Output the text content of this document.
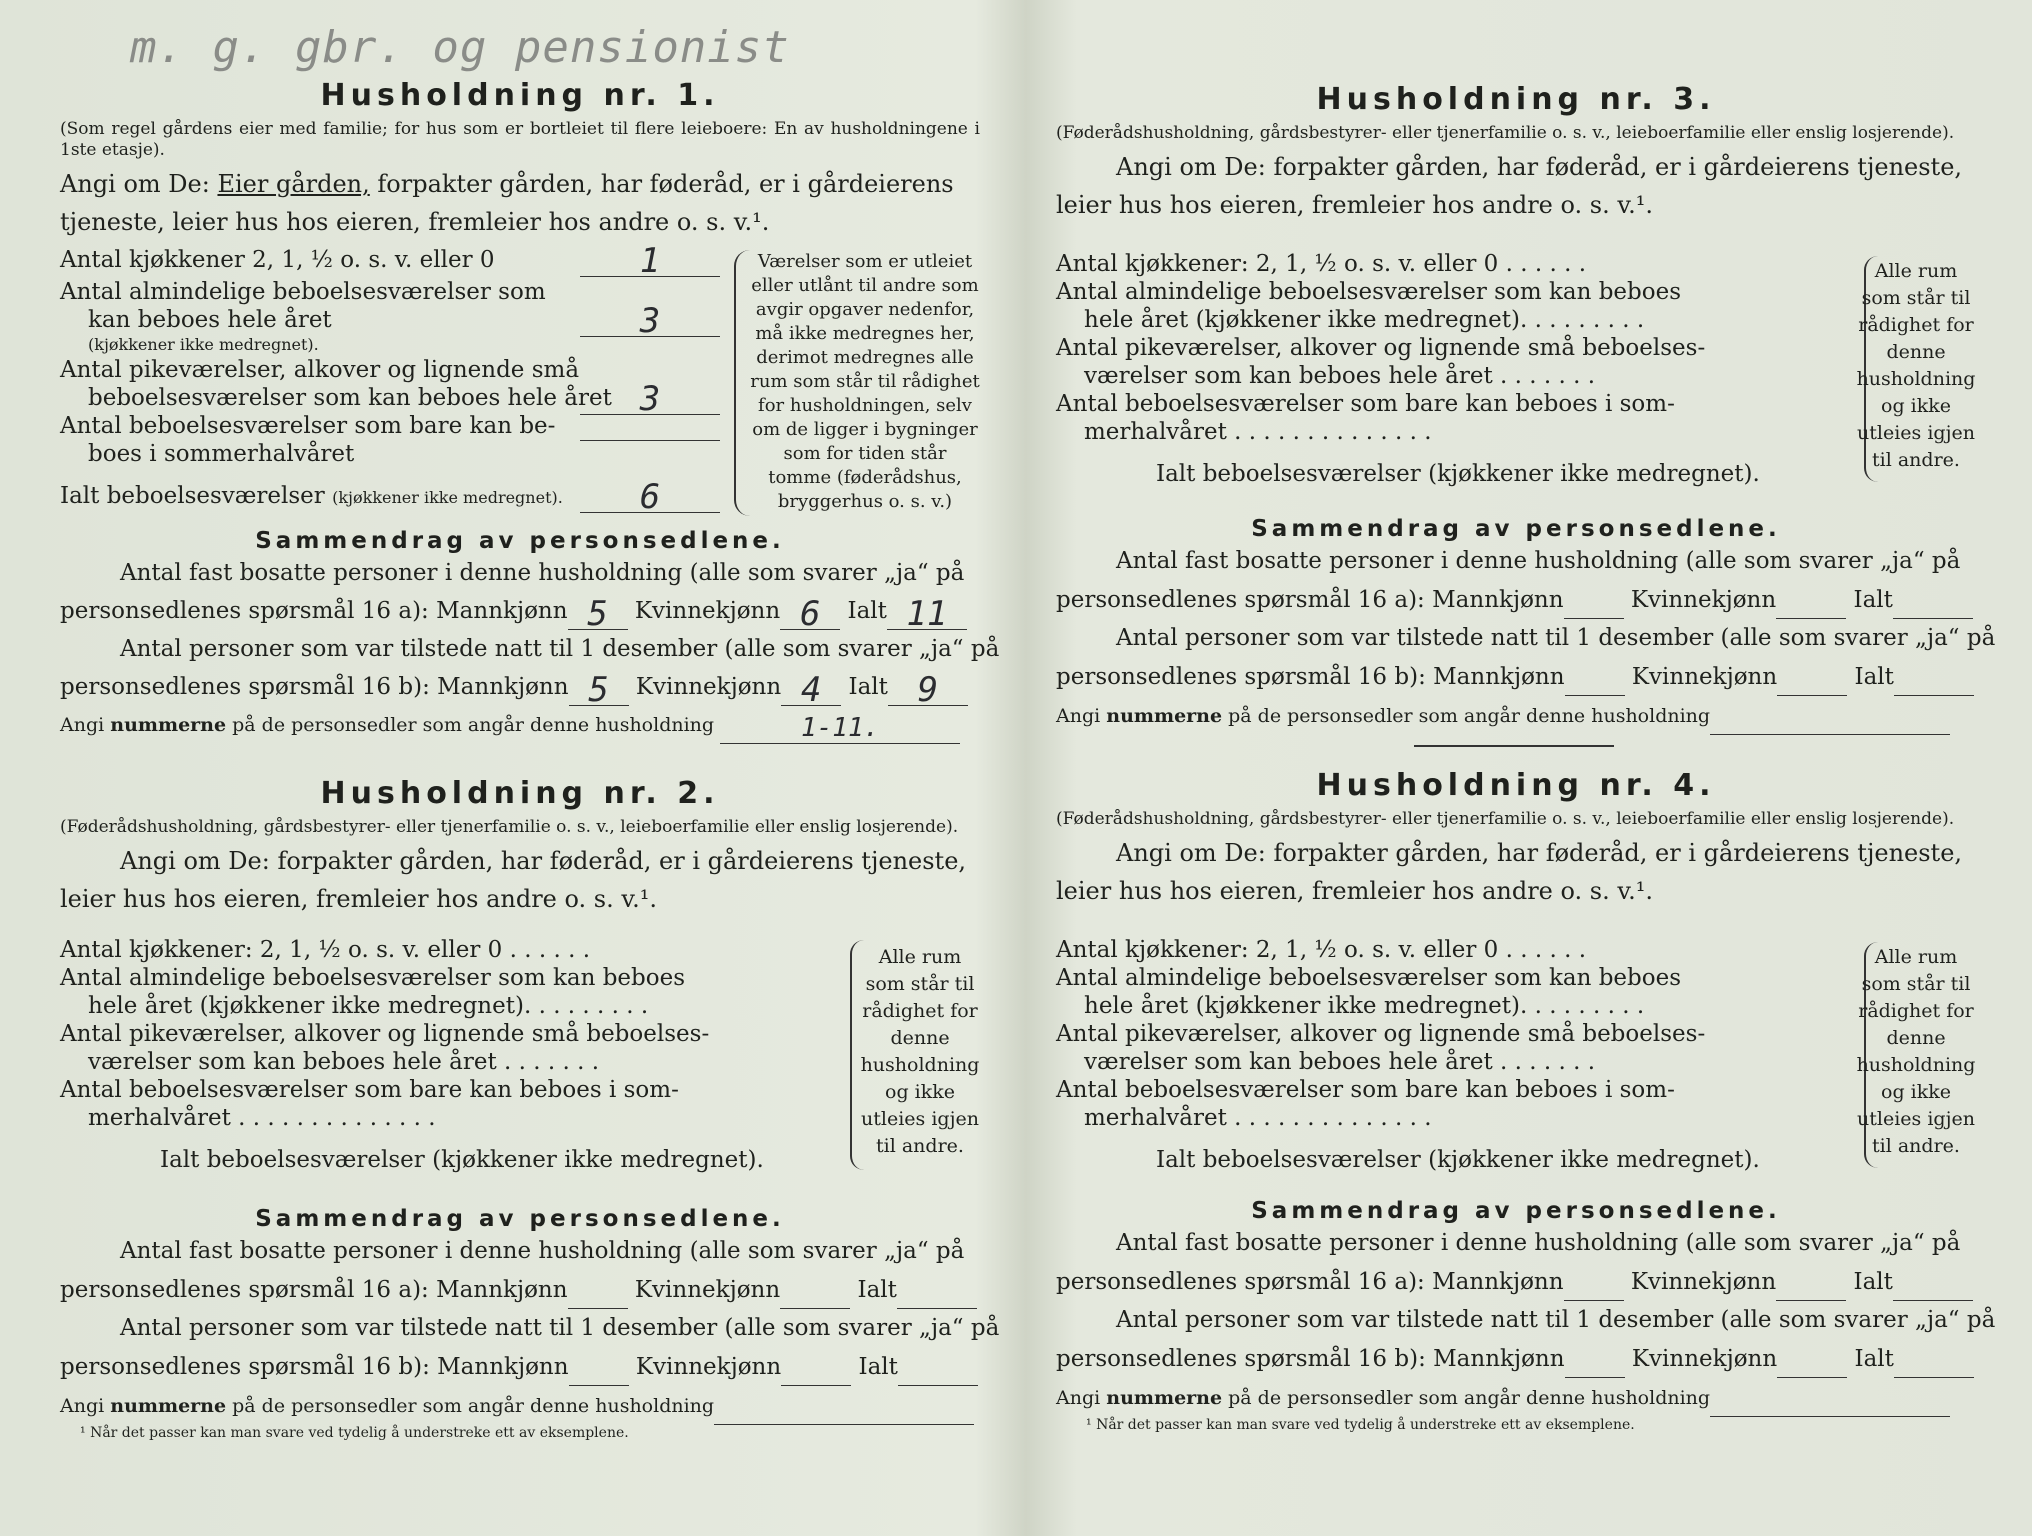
m. g. gbr. og pensionist
Husholdning nr. 1.
(Som regel gårdens eier med familie; for hus som er bortleiet til flere leieboere: En av husholdningene i 1ste etasje).
Angi om De: Eier gården, forpakter gården, har føderåd, er i gårdeierens tjeneste, leier hus hos eieren, fremleier hos andre o. s. v.¹.
Antal kjøkkener 2, 1, ½ o. s. v. eller 0	1
Antal almindelige beboelsesværelser som
kan beboes hele året	3
(kjøkkener ikke medregnet).
Antal pikeværelser, alkover og lignende små
beboelsesværelser som kan beboes hele året 3
Antal beboelsesværelser som bare kan be-
boes i sommerhalvåret
Ialt beboelsesværelser (kjøkkener ikke medregnet).	6
Værelser som er utleiet eller utlånt til andre som avgir opgaver nedenfor, må ikke medregnes her, derimot medregnes alle rum som står til rådighet for husholdningen, selv om de ligger i bygninger som for tiden står tomme (føderådshus, bryggerhus o. s. v.)
Sammendrag av personsedlene.
Antal fast bosatte personer i denne husholdning (alle som svarer „ja“ på
personsedlenes spørsmål 16 a): Mannkjønn 5 Kvinnekjønn 6 Ialt 11
Antal personer som var tilstede natt til 1 desember (alle som svarer „ja“ på
personsedlenes spørsmål 16 b): Mannkjønn 5 Kvinnekjønn 4 Ialt 9
Angi nummerne på de personsedler som angår denne husholdning	1-11.
Husholdning nr. 2.
(Føderådshusholdning, gårdsbestyrer- eller tjenerfamilie o. s. v., leieboerfamilie eller enslig losjerende).
Angi om De: forpakter gården, har føderåd, er i gårdeierens tjeneste, leier hus hos eieren, fremleier hos andre o. s. v.¹.
Antal kjøkkener: 2, 1, ½ o. s. v. eller 0 . . . . . .
Antal almindelige beboelsesværelser som kan beboes
hele året (kjøkkener ikke medregnet). . . . . . . . .
Antal pikeværelser, alkover og lignende små beboelses-
værelser som kan beboes hele året . . . . . . .
Antal beboelsesværelser som bare kan beboes i som-
merhalvåret . . . . . . . . . . . . . .
Ialt beboelsesværelser (kjøkkener ikke medregnet).
Alle rum som står til rådighet for denne husholdning og ikke utleies igjen til andre.
Sammendrag av personsedlene.
Antal fast bosatte personer i denne husholdning (alle som svarer „ja“ på
personsedlenes spørsmål 16 a): Mannkjønn	Kvinnekjønn	Ialt
Antal personer som var tilstede natt til 1 desember (alle som svarer „ja“ på
personsedlenes spørsmål 16 b): Mannkjønn	Kvinnekjønn	Ialt
Angi nummerne på de personsedler som angår denne husholdning
¹ Når det passer kan man svare ved tydelig å understreke ett av eksemplene.
Husholdning nr. 3.
(Føderådshusholdning, gårdsbestyrer- eller tjenerfamilie o. s. v., leieboerfamilie eller enslig losjerende).
Angi om De: forpakter gården, har føderåd, er i gårdeierens tjeneste, leier hus hos eieren, fremleier hos andre o. s. v.¹.
Antal kjøkkener: 2, 1, ½ o. s. v. eller 0 . . . . . .
Antal almindelige beboelsesværelser som kan beboes
hele året (kjøkkener ikke medregnet). . . . . . . . .
Antal pikeværelser, alkover og lignende små beboelses-
værelser som kan beboes hele året . . . . . . .
Antal beboelsesværelser som bare kan beboes i som-
merhalvåret . . . . . . . . . . . . . .
Ialt beboelsesværelser (kjøkkener ikke medregnet).
Alle rum som står til rådighet for denne husholdning og ikke utleies igjen til andre.
Sammendrag av personsedlene.
Antal fast bosatte personer i denne husholdning (alle som svarer „ja“ på
personsedlenes spørsmål 16 a): Mannkjønn	Kvinnekjønn	Ialt
Antal personer som var tilstede natt til 1 desember (alle som svarer „ja“ på
personsedlenes spørsmål 16 b): Mannkjønn	Kvinnekjønn	Ialt
Angi nummerne på de personsedler som angår denne husholdning
Husholdning nr. 4.
(Føderådshusholdning, gårdsbestyrer- eller tjenerfamilie o. s. v., leieboerfamilie eller enslig losjerende).
Angi om De: forpakter gården, har føderåd, er i gårdeierens tjeneste, leier hus hos eieren, fremleier hos andre o. s. v.¹.
Antal kjøkkener: 2, 1, ½ o. s. v. eller 0 . . . . . .
Antal almindelige beboelsesværelser som kan beboes
hele året (kjøkkener ikke medregnet). . . . . . . . .
Antal pikeværelser, alkover og lignende små beboelses-
værelser som kan beboes hele året . . . . . . .
Antal beboelsesværelser som bare kan beboes i som-
merhalvåret . . . . . . . . . . . . . .
Ialt beboelsesværelser (kjøkkener ikke medregnet).
Alle rum som står til rådighet for denne husholdning og ikke utleies igjen til andre.
Sammendrag av personsedlene.
Antal fast bosatte personer i denne husholdning (alle som svarer „ja“ på
personsedlenes spørsmål 16 a): Mannkjønn	Kvinnekjønn	Ialt
Antal personer som var tilstede natt til 1 desember (alle som svarer „ja“ på
personsedlenes spørsmål 16 b): Mannkjønn	Kvinnekjønn	Ialt
Angi nummerne på de personsedler som angår denne husholdning
¹ Når det passer kan man svare ved tydelig å understreke ett av eksemplene.
